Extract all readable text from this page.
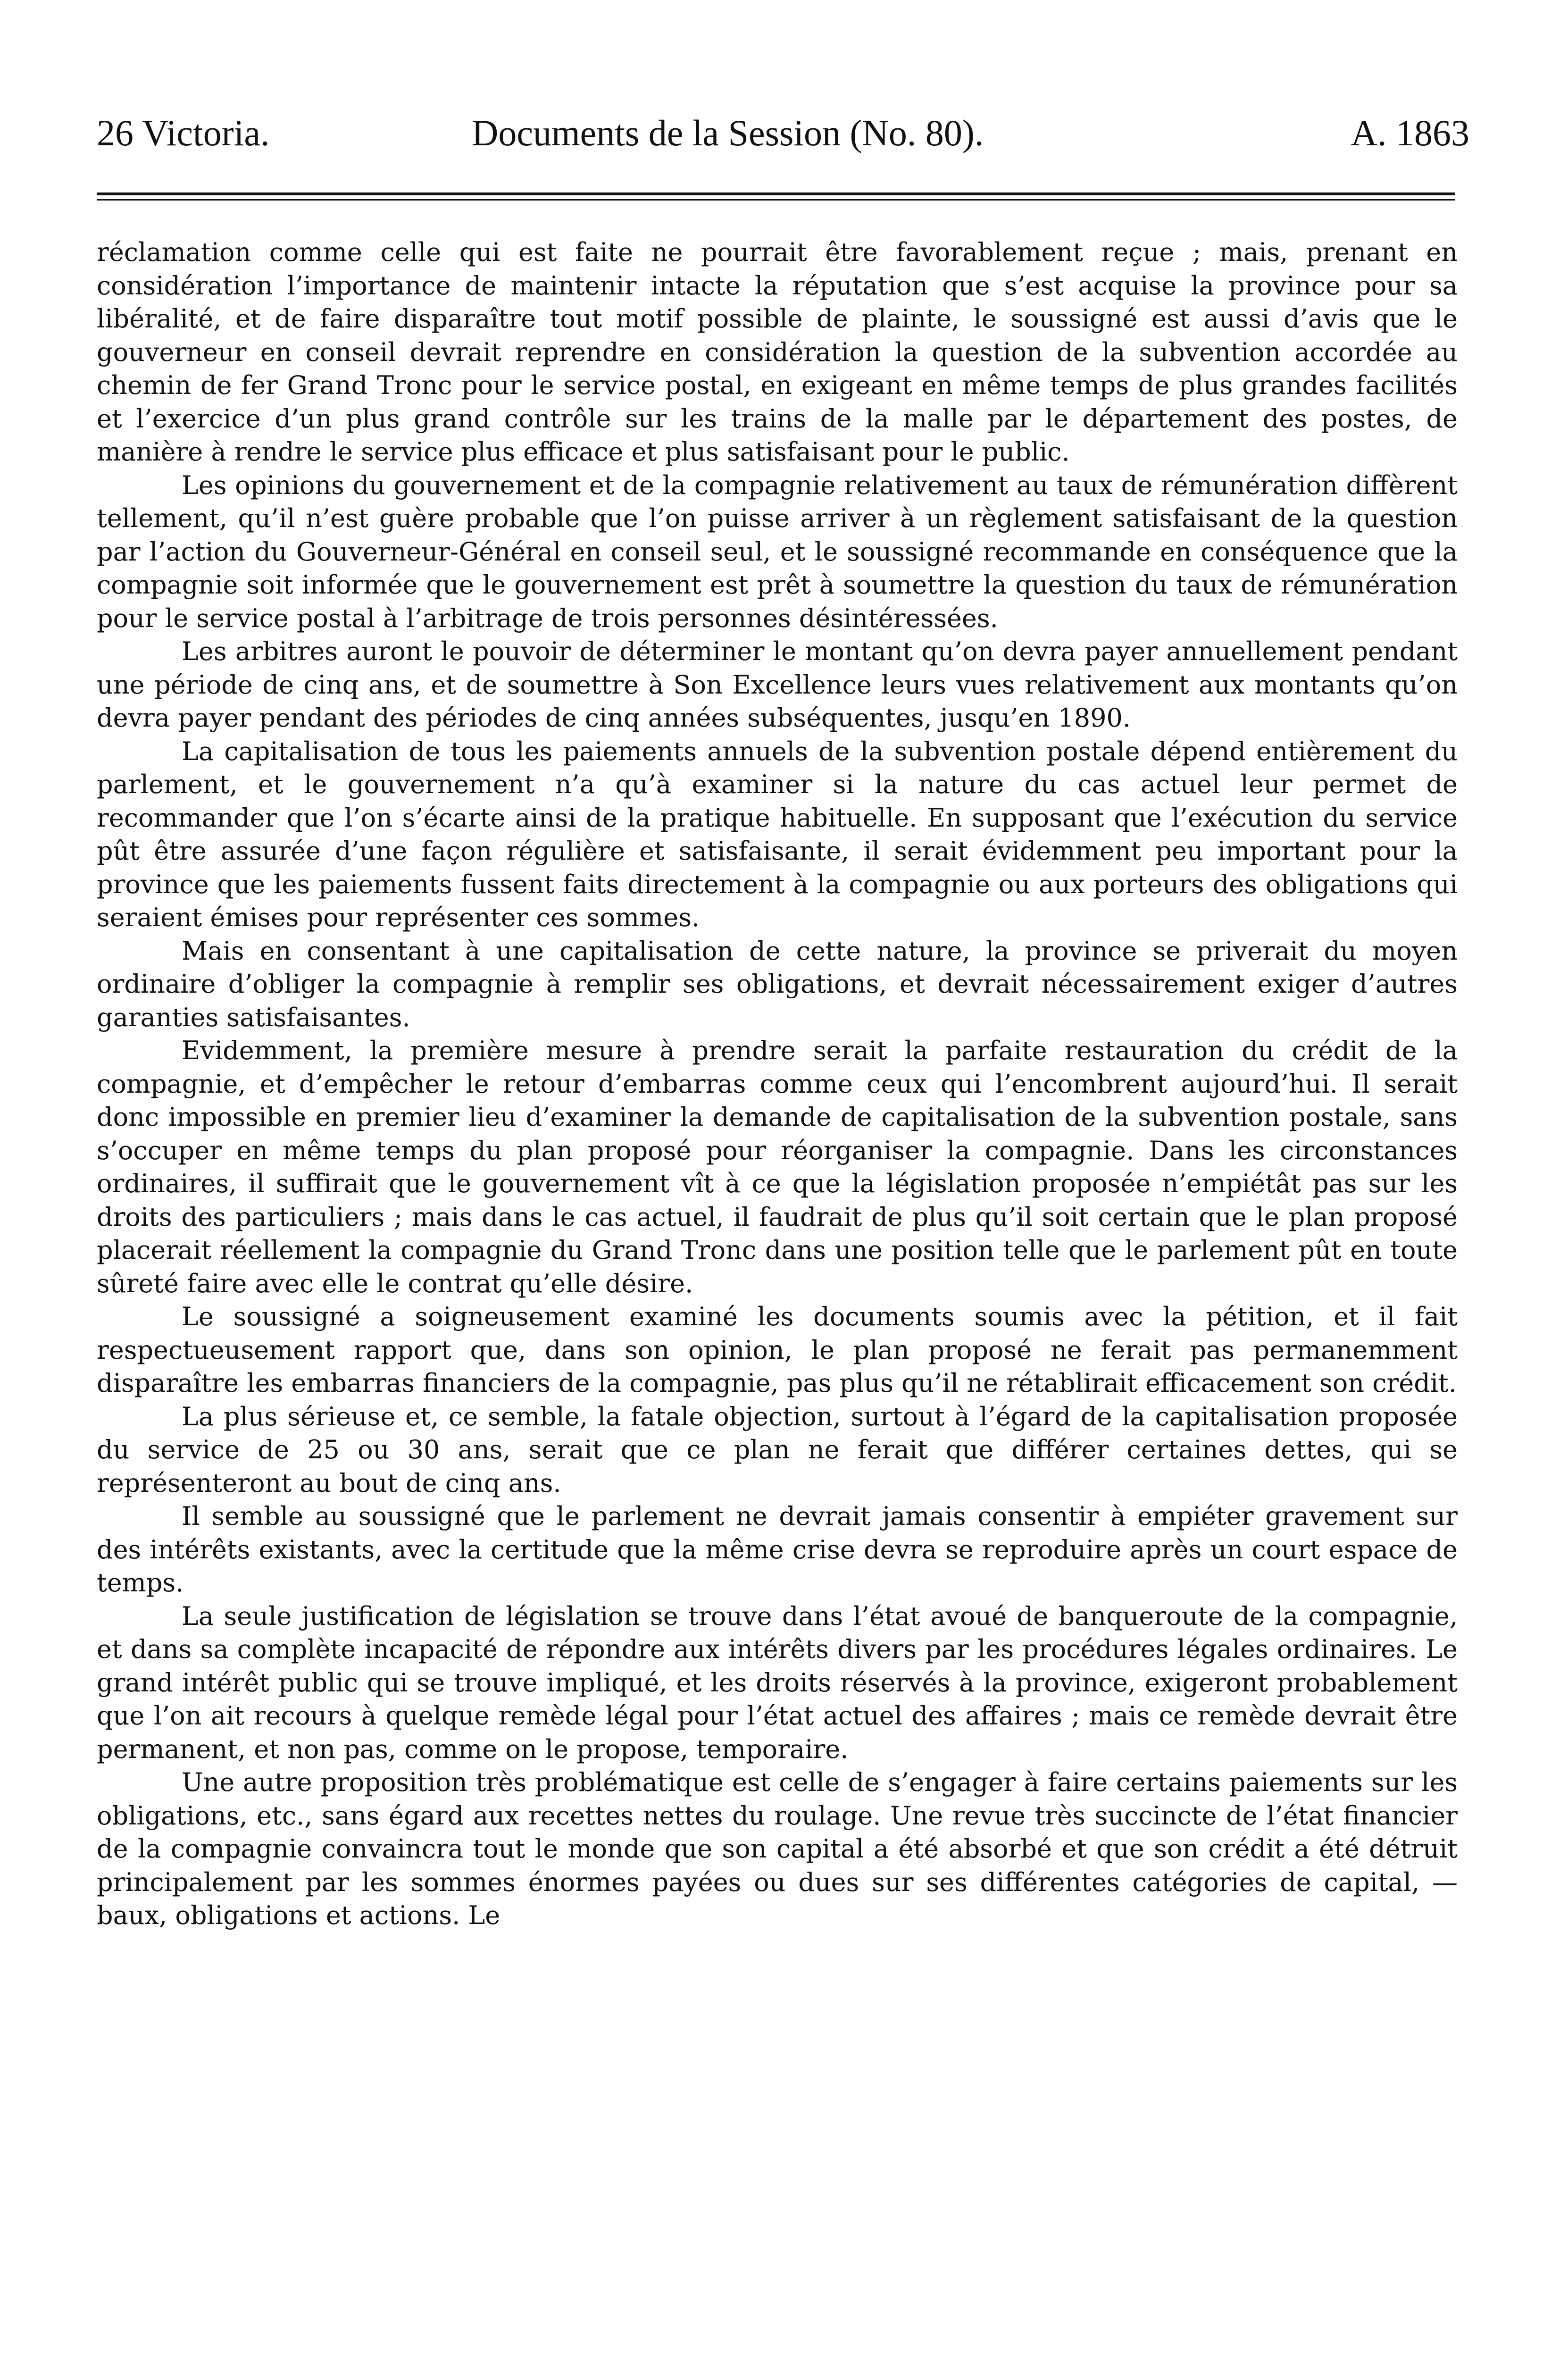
26 Victoria.	Documents de la Session (No. 80).	A. 1863

réclamation comme celle qui est faite ne pourrait être favorablement reçue ; mais, prenant en considération l’importance de maintenir intacte la réputation que s’est acquise la province pour sa libéralité, et de faire disparaître tout motif possible de plainte, le soussigné est aussi d’avis que le gouverneur en conseil devrait reprendre en considération la question de la subvention accordée au chemin de fer Grand Tronc pour le service postal, en exigeant en même temps de plus grandes facilités et l’exercice d’un plus grand contrôle sur les trains de la malle par le département des postes, de manière à rendre le service plus efficace et plus satisfaisant pour le public.

Les opinions du gouvernement et de la compagnie relativement au taux de rémunération diffèrent tellement, qu’il n’est guère probable que l’on puisse arriver à un règlement satisfaisant de la question par l’action du Gouverneur-Général en conseil seul, et le soussigné recommande en conséquence que la compagnie soit informée que le gouvernement est prêt à soumettre la question du taux de rémunération pour le service postal à l’arbitrage de trois personnes désintéressées.

Les arbitres auront le pouvoir de déterminer le montant qu’on devra payer annuellement pendant une période de cinq ans, et de soumettre à Son Excellence leurs vues relativement aux montants qu’on devra payer pendant des périodes de cinq années subséquentes, jusqu’en 1890.

La capitalisation de tous les paiements annuels de la subvention postale dépend entièrement du parlement, et le gouvernement n’a qu’à examiner si la nature du cas actuel leur permet de recommander que l’on s’écarte ainsi de la pratique habituelle. En supposant que l’exécution du service pût être assurée d’une façon régulière et satisfaisante, il serait évidemment peu important pour la province que les paiements fussent faits directement à la compagnie ou aux porteurs des obligations qui seraient émises pour représenter ces sommes.

Mais en consentant à une capitalisation de cette nature, la province se priverait du moyen ordinaire d’obliger la compagnie à remplir ses obligations, et devrait nécessairement exiger d’autres garanties satisfaisantes.

Evidemment, la première mesure à prendre serait la parfaite restauration du crédit de la compagnie, et d’empêcher le retour d’embarras comme ceux qui l’encombrent aujourd’hui. Il serait donc impossible en premier lieu d’examiner la demande de capitalisation de la subvention postale, sans s’occuper en même temps du plan proposé pour réorganiser la compagnie. Dans les circonstances ordinaires, il suffirait que le gouvernement vît à ce que la législation proposée n’empiétât pas sur les droits des particuliers ; mais dans le cas actuel, il faudrait de plus qu’il soit certain que le plan proposé placerait réellement la compagnie du Grand Tronc dans une position telle que le parlement pût en toute sûreté faire avec elle le contrat qu’elle désire.

Le soussigné a soigneusement examiné les documents soumis avec la pétition, et il fait respectueusement rapport que, dans son opinion, le plan proposé ne ferait pas permanemment disparaître les embarras financiers de la compagnie, pas plus qu’il ne rétablirait efficacement son crédit.

La plus sérieuse et, ce semble, la fatale objection, surtout à l’égard de la capitalisation proposée du service de 25 ou 30 ans, serait que ce plan ne ferait que différer certaines dettes, qui se représenteront au bout de cinq ans.

Il semble au soussigné que le parlement ne devrait jamais consentir à empiéter gravement sur des intérêts existants, avec la certitude que la même crise devra se reproduire après un court espace de temps.

La seule justification de législation se trouve dans l’état avoué de banqueroute de la compagnie, et dans sa complète incapacité de répondre aux intérêts divers par les procédures légales ordinaires. Le grand intérêt public qui se trouve impliqué, et les droits réservés à la province, exigeront probablement que l’on ait recours à quelque remède légal pour l’état actuel des affaires ; mais ce remède devrait être permanent, et non pas, comme on le propose, temporaire.

Une autre proposition très problématique est celle de s’engager à faire certains paiements sur les obligations, etc., sans égard aux recettes nettes du roulage. Une revue très succincte de l’état financier de la compagnie convaincra tout le monde que son capital a été absorbé et que son crédit a été détruit principalement par les sommes énormes payées ou dues sur ses différentes catégories de capital, — baux, obligations et actions. Le
